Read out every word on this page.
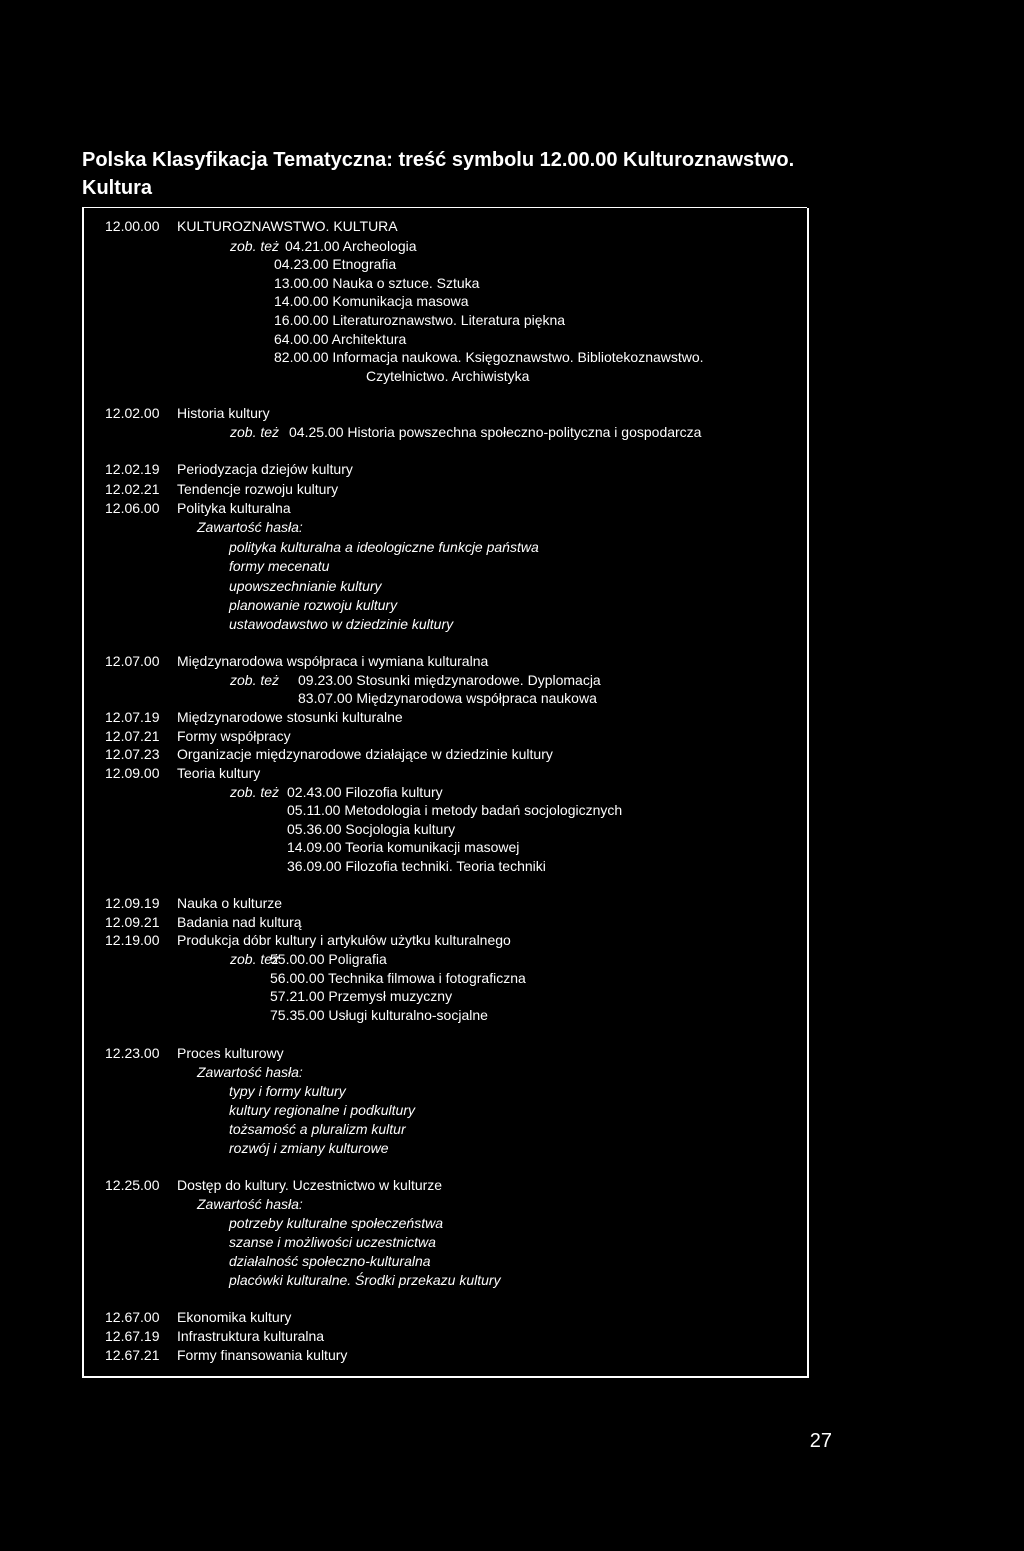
Polska Klasyfikacja Tematyczna: treść symbolu 12.00.00 Kulturoznawstwo. Kultura
12.00.00 KULTUROZNAWSTWO. KULTURA
zob. też 04.21.00 Archeologia
04.23.00 Etnografia
13.00.00 Nauka o sztuce. Sztuka
14.00.00 Komunikacja masowa
16.00.00 Literaturoznawstwo. Literatura piękna
64.00.00 Architektura
82.00.00 Informacja naukowa. Księgoznawstwo. Bibliotekoznawstwo.
Czytelnictwo. Archiwistyka
12.02.00 Historia kultury
zob. też 04.25.00 Historia powszechna społeczno-polityczna i gospodarcza
12.02.19 Periodyzacja dziejów kultury
12.02.21 Tendencje rozwoju kultury
12.06.00 Polityka kulturalna
Zawartość hasła:
polityka kulturalna a ideologiczne funkcje państwa
formy mecenatu
upowszechnianie kultury
planowanie rozwoju kultury
ustawodawstwo w dziedzinie kultury
12.07.00 Międzynarodowa współpraca i wymiana kulturalna
zob. też 09.23.00 Stosunki międzynarodowe. Dyplomacja
83.07.00 Międzynarodowa współpraca naukowa
12.07.19 Międzynarodowe stosunki kulturalne
12.07.21 Formy współpracy
12.07.23 Organizacje międzynarodowe działające w dziedzinie kultury
12.09.00 Teoria kultury
zob. też 02.43.00 Filozofia kultury
05.11.00 Metodologia i metody badań socjologicznych
05.36.00 Socjologia kultury
14.09.00 Teoria komunikacji masowej
36.09.00 Filozofia techniki. Teoria techniki
12.09.19 Nauka o kulturze
12.09.21 Badania nad kulturą
12.19.00 Produkcja dóbr kultury i artykułów użytku kulturalnego
zob. też
55.00.00 Poligrafia
56.00.00 Technika filmowa i fotograficzna
57.21.00 Przemysł muzyczny
75.35.00 Usługi kulturalno-socjalne
12.23.00 Proces kulturowy
Zawartość hasła:
typy i formy kultury
kultury regionalne i podkultury
tożsamość a pluralizm kultur
rozwój i zmiany kulturowe
12.25.00 Dostęp do kultury. Uczestnictwo w kulturze
Zawartość hasła:
potrzeby kulturalne społeczeństwa
szanse i możliwości uczestnictwa
działalność społeczno-kulturalna
placówki kulturalne. Środki przekazu kultury
12.67.00 Ekonomika kultury
12.67.19 Infrastruktura kulturalna
12.67.21 Formy finansowania kultury
27
